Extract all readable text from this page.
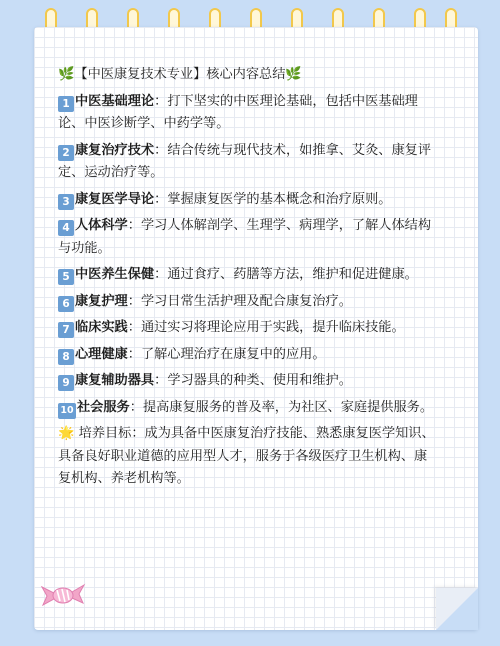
🌿【中医康复技术专业】核心内容总结🌿
1 中医基础理论：打下坚实的中医理论基础，包括中医基础理论、中医诊断学、中药学等。
2 康复治疗技术：结合传统与现代技术，如推拿、艾灸、康复评定、运动治疗等。
3 康复医学导论：掌握康复医学的基本概念和治疗原则。
4 人体科学：学习人体解剖学、生理学、病理学，了解人体结构与功能。
5 中医养生保健：通过食疗、药膳等方法，维护和促进健康。
6 康复护理：学习日常生活护理及配合康复治疗。
7 临床实践：通过实习将理论应用于实践，提升临床技能。
8 心理健康：了解心理治疗在康复中的应用。
9 康复辅助器具：学习器具的种类、使用和维护。
10 社会服务：提高康复服务的普及率，为社区、家庭提供服务。
🌟 培养目标：成为具备中医康复治疗技能、熟悉康复医学知识、具备良好职业道德的应用型人才，服务于各级医疗卫生机构、康复机构、养老机构等。
